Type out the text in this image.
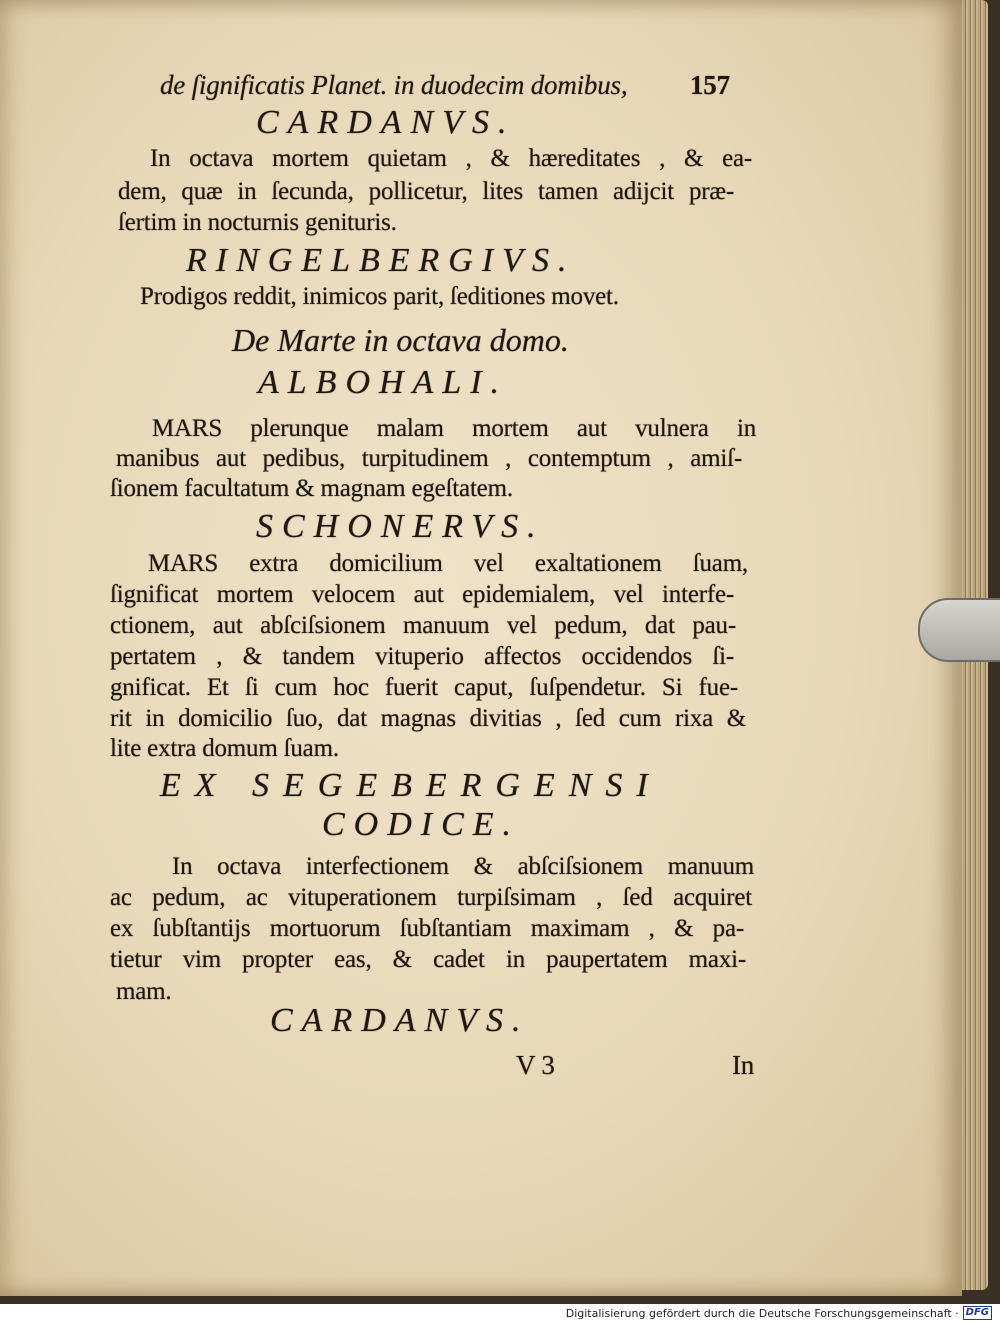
de ſignificatis Planet. in duodecim domibus, 157
CARDANVS.
In octava mortem quietam , & hæreditates , & ea-
dem, quæ in ſecunda, pollicetur, lites tamen adijcit præ-
ſertim in nocturnis genituris.
RINGELBERGIVS.
Prodigos reddit, inimicos parit, ſeditiones movet.
De Marte in octava domo.
ALBOHALI.
MARS plerunque malam mortem aut vulnera in
manibus aut pedibus, turpitudinem , contemptum , amiſ-
ſionem facultatum & magnam egeſtatem.
SCHONERVS.
MARS extra domicilium vel exaltationem ſuam,
ſignificat mortem velocem aut epidemialem, vel interfe-
ctionem, aut abſciſsionem manuum vel pedum, dat pau-
pertatem , & tandem vituperio affectos occidendos ſi-
gnificat. Et ſi cum hoc fuerit caput, ſuſpendetur. Si fue-
rit in domicilio ſuo, dat magnas divitias , ſed cum rixa &
lite extra domum ſuam.
EX SEGEBERGENSI
CODICE.
In octava interfectionem & abſciſsionem manuum
ac pedum, ac vituperationem turpiſsimam , ſed acquiret
ex ſubſtantijs mortuorum ſubſtantiam maximam , & pa-
tietur vim propter eas, & cadet in paupertatem maxi-
mam.
CARDANVS.
V 3	In
Digitalisierung gefördert durch die Deutsche Forschungsgemeinschaft · DFG
